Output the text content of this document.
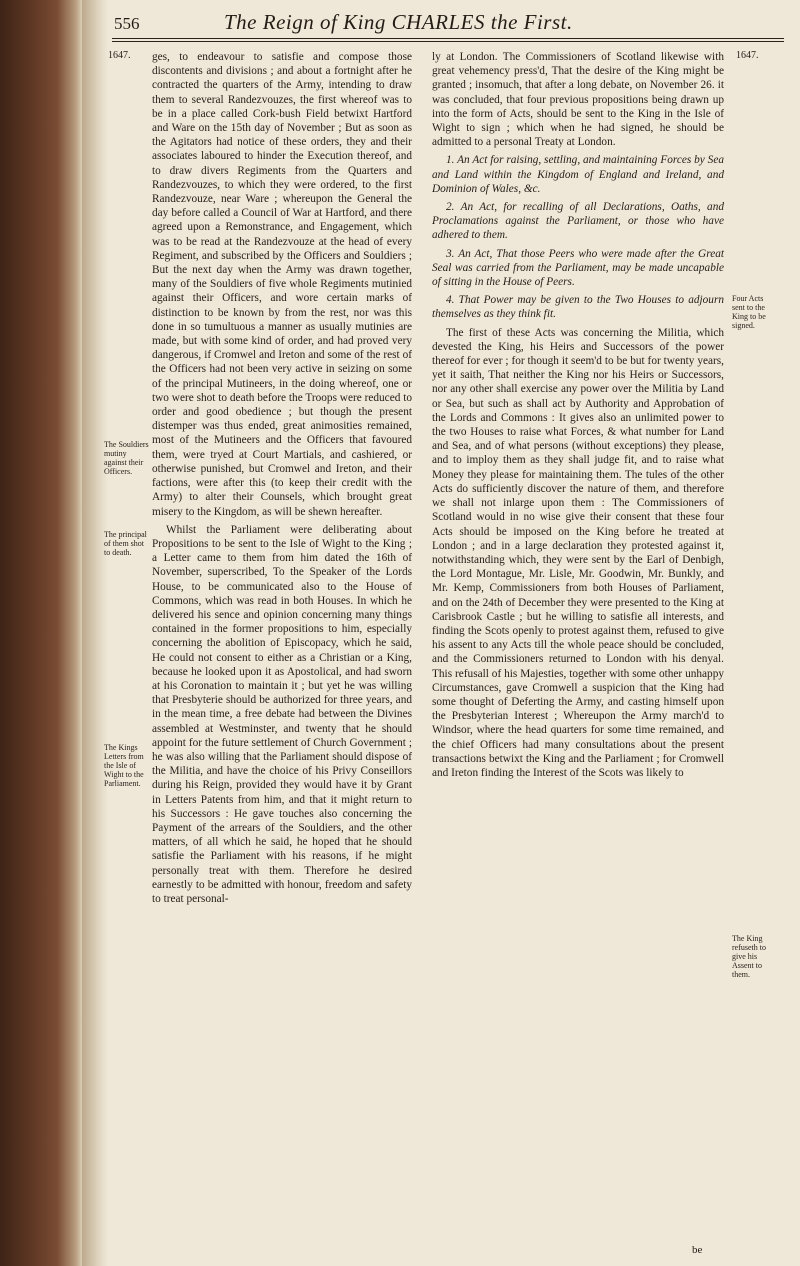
556	The Reign of King CHARLES the First.
1647.	1647.
The Souldiers mutiny against their Officers.
The principal of them shot to death.
The Kings Letters from the Isle of Wight to the Parliament.

ges, to endeavour to satisfie and compose those discontents and divisions ; and about a fortnight after he contracted the quarters of the Army, intending to draw them to several Randezvouzes, the first whereof was to be in a place called Cork-bush Field betwixt Hartford and Ware on the 15th day of November ; But as soon as the Agitators had notice of these orders, they and their associates laboured to hinder the Execution thereof, and to draw divers Regiments from the Quarters and Randezvouzes, to which they were ordered, to the first Randezvouze, near Ware ; whereupon the General the day before called a Council of War at Hartford, and there agreed upon a Remonstrance, and Engagement, which was to be read at the Randezvouze at the head of every Regiment, and subscribed by the Officers and Souldiers ; But the next day when the Army was drawn together, many of the Souldiers of five whole Regiments mutinied against their Officers, and wore certain marks of distinction to be known by from the rest, nor was this done in so tumultuous a manner as usually mutinies are made, but with some kind of order, and had proved very dangerous, if Cromwel and Ireton and some of the rest of the Officers had not been very active in seizing on some of the principal Mutineers, in the doing whereof, one or two were shot to death before the Troops were reduced to order and good obedience ; but though the present distemper was thus ended, great animosities remained, most of the Mutineers and the Officers that favoured them, were tryed at Court Martials, and cashiered, or otherwise punished, but Cromwel and Ireton, and their factions, were after this (to keep their credit with the Army) to alter their Counsels, which brought great misery to the Kingdom, as will be shewn hereafter.

Whilst the Parliament were deliberating about Propositions to be sent to the Isle of Wight to the King ; a Letter came to them from him dated the 16th of November, superscribed, To the Speaker of the Lords House, to be communicated also to the House of Commons, which was read in both Houses. In which he delivered his sence and opinion concerning many things contained in the former propositions to him, especially concerning the abolition of Episcopacy, which he said, He could not consent to either as a Christian or a King, because he looked upon it as Apostolical, and had sworn at his Coronation to maintain it ; but yet he was willing that Presbyterie should be authorized for three years, and in the mean time, a free debate had between the Divines assembled at Westminster, and twenty that he should appoint for the future settlement of Church Government ; he was also willing that the Parliament should dispose of the Militia, and have the choice of his Privy Conseillors during his Reign, provided they would have it by Grant in Letters Patents from him, and that it might return to his Successors : He gave touches also concerning the Payment of the arrears of the Souldiers, and the other matters, of all which he said, he hoped that he should satisfie the Parliament with his reasons, if he might personally treat with them. Therefore he desired earnestly to be admitted with honour, freedom and safety to treat personal-

Four Acts sent to the King to be signed.
The King refuseth to give his Assent to them.

ly at London. The Commissioners of Scotland likewise with great vehemency press'd, That the desire of the King might be granted ; insomuch, that after a long debate, on November 26. it was concluded, that four previous propositions being drawn up into the form of Acts, should be sent to the King in the Isle of Wight to sign ; which when he had signed, he should be admitted to a personal Treaty at London.

1. An Act for raising, settling, and maintaining Forces by Sea and Land within the Kingdom of England and Ireland, and Dominion of Wales, &c.

2. An Act, for recalling of all Declarations, Oaths, and Proclamations against the Parliament, or those who have adhered to them.

3. An Act, That those Peers who were made after the Great Seal was carried from the Parliament, may be made uncapable of sitting in the House of Peers.

4. That Power may be given to the Two Houses to adjourn themselves as they think fit.

The first of these Acts was concerning the Militia, which devested the King, his Heirs and Successors of the power thereof for ever ; for though it seem'd to be but for twenty years, yet it saith, That neither the King nor his Heirs or Successors, nor any other shall exercise any power over the Militia by Land or Sea, but such as shall act by Authority and Approbation of the Lords and Commons : It gives also an unlimited power to the two Houses to raise what Forces, & what number for Land and Sea, and of what persons (without exceptions) they please, and to imploy them as they shall judge fit, and to raise what Money they please for maintaining them. The tules of the other Acts do sufficiently discover the nature of them, and therefore we shall not inlarge upon them : The Commissioners of Scotland would in no wise give their consent that these four Acts should be imposed on the King before he treated at London ; and in a large declaration they protested against it, notwithstanding which, they were sent by the Earl of Denbigh, the Lord Montague, Mr. Lisle, Mr. Goodwin, Mr. Bunkly, and Mr. Kemp, Commissioners from both Houses of Parliament, and on the 24th of December they were presented to the King at Carisbrook Castle ; but he willing to satisfie all interests, and finding the Scots openly to protest against them, refused to give his assent to any Acts till the whole peace should be concluded, and the Commissioners returned to London with his denyal. This refusall of his Majesties, together with some other unhappy Circumstances, gave Cromwell a suspicion that the King had some thought of Deferting the Army, and casting himself upon the Presbyterian Interest ; Whereupon the Army march'd to Windsor, where the head quarters for some time remained, and the chief Officers had many consultations about the present transactions betwixt the King and the Parliament ; for Cromwell and Ireton finding the Interest of the Scots was likely to

be
